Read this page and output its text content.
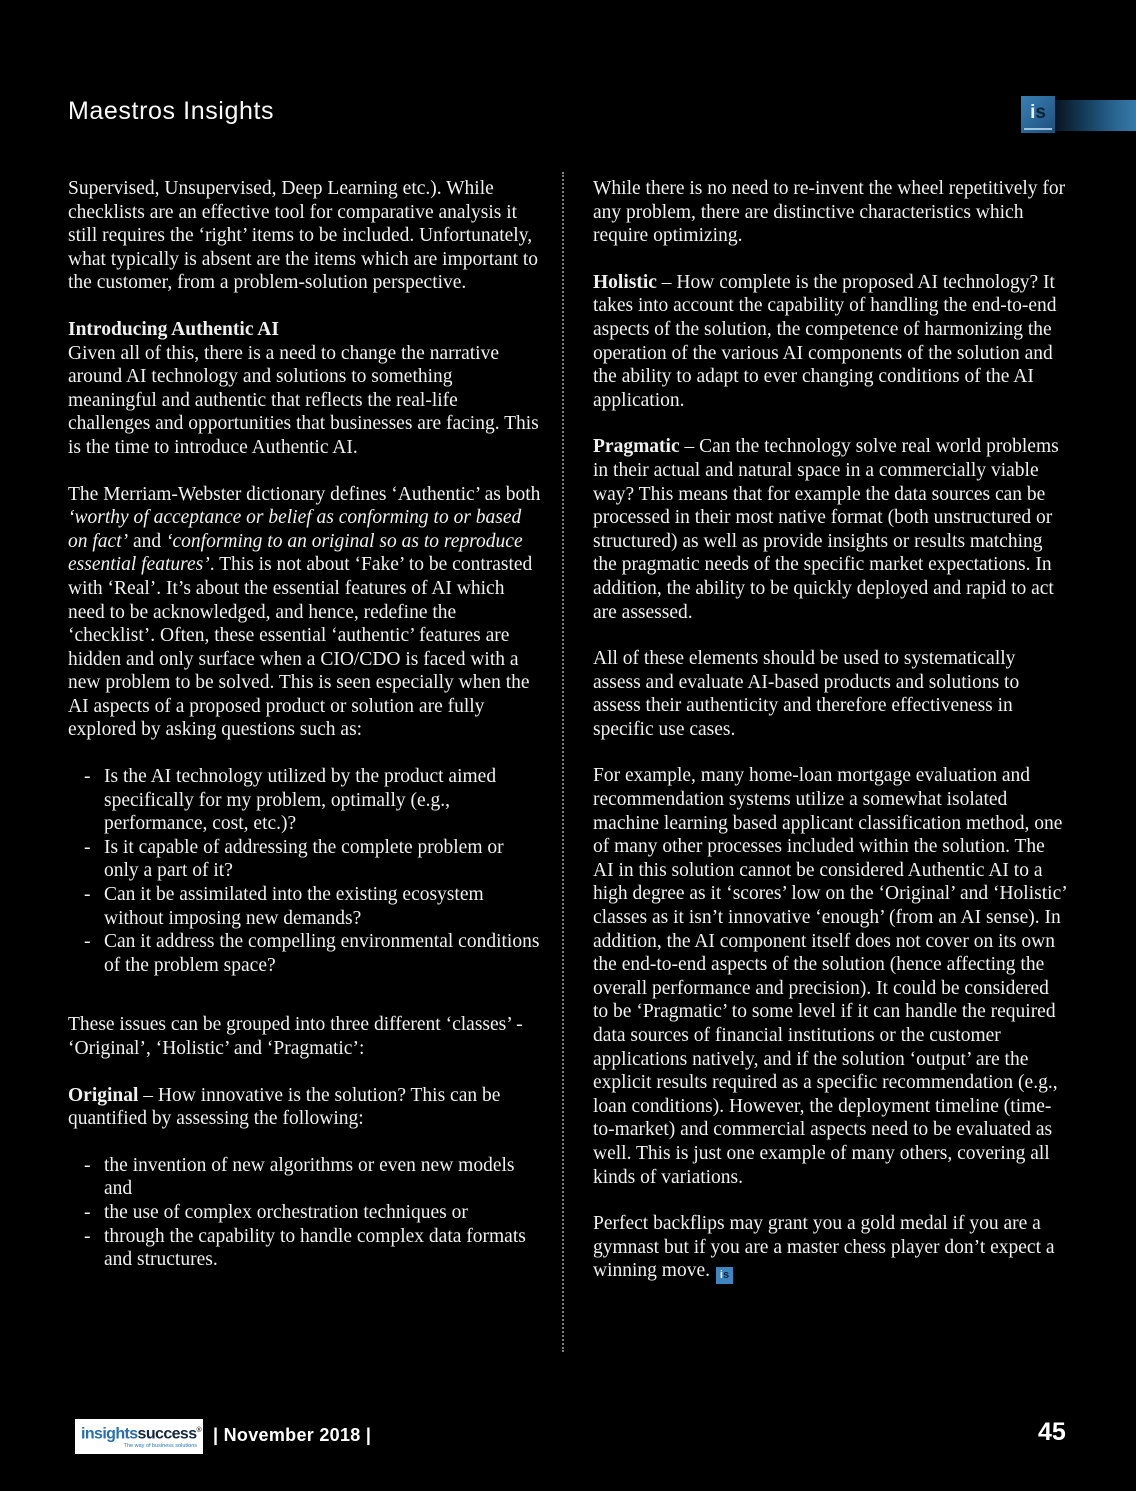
Maestros Insights	i s

Supervised, Unsupervised, Deep Learning etc.). While checklists are an effective tool for comparative analysis it still requires the ‘right’ items to be included. Unfortunately, what typically is absent are the items which are important to the customer, from a problem-solution perspective.

Introducing Authentic AI

Given all of this, there is a need to change the narrative around AI technology and solutions to something meaningful and authentic that reflects the real-life challenges and opportunities that businesses are facing. This is the time to introduce Authentic AI.

The Merriam-Webster dictionary defines ‘Authentic’ as both ‘worthy of acceptance or belief as conforming to or based on fact’ and ‘conforming to an original so as to reproduce essential features’. This is not about ‘Fake’ to be contrasted with ‘Real’. It’s about the essential features of AI which need to be acknowledged, and hence, redefine the ‘checklist’. Often, these essential ‘authentic’ features are hidden and only surface when a CIO/CDO is faced with a new problem to be solved. This is seen especially when the AI aspects of a proposed product or solution are fully explored by asking questions such as:

- Is the AI technology utilized by the product aimed specifically for my problem, optimally (e.g., performance, cost, etc.)?
- Is it capable of addressing the complete problem or only a part of it?
- Can it be assimilated into the existing ecosystem without imposing new demands?
- Can it address the compelling environmental conditions of the problem space?

These issues can be grouped into three different ‘classes’ - ‘Original’, ‘Holistic’ and ‘Pragmatic’:

Original – How innovative is the solution? This can be quantified by assessing the following:

- the invention of new algorithms or even new models and
- the use of complex orchestration techniques or
- through the capability to handle complex data formats and structures.

While there is no need to re-invent the wheel repetitively for any problem, there are distinctive characteristics which require optimizing.

Holistic – How complete is the proposed AI technology? It takes into account the capability of handling the end-to-end aspects of the solution, the competence of harmonizing the operation of the various AI components of the solution and the ability to adapt to ever changing conditions of the AI application.

Pragmatic – Can the technology solve real world problems in their actual and natural space in a commercially viable way? This means that for example the data sources can be processed in their most native format (both unstructured or structured) as well as provide insights or results matching the pragmatic needs of the specific market expectations. In addition, the ability to be quickly deployed and rapid to act are assessed.

All of these elements should be used to systematically assess and evaluate AI-based products and solutions to assess their authenticity and therefore effectiveness in specific use cases.

For example, many home-loan mortgage evaluation and recommendation systems utilize a somewhat isolated machine learning based applicant classification method, one of many other processes included within the solution. The AI in this solution cannot be considered Authentic AI to a high degree as it ‘scores’ low on the ‘Original’ and ‘Holistic’ classes as it isn’t innovative ‘enough’ (from an AI sense). In addition, the AI component itself does not cover on its own the end-to-end aspects of the solution (hence affecting the overall performance and precision). It could be considered to be ‘Pragmatic’ to some level if it can handle the required data sources of financial institutions or the customer applications natively, and if the solution ‘output’ are the explicit results required as a specific recommendation (e.g., loan conditions). However, the deployment timeline (time-to-market) and commercial aspects need to be evaluated as well. This is just one example of many others, covering all kinds of variations.

Perfect backflips may grant you a gold medal if you are a gymnast but if you are a master chess player don’t expect a winning move. i s

insightssuccess®
The way of business solutions
| November 2018 |	45
